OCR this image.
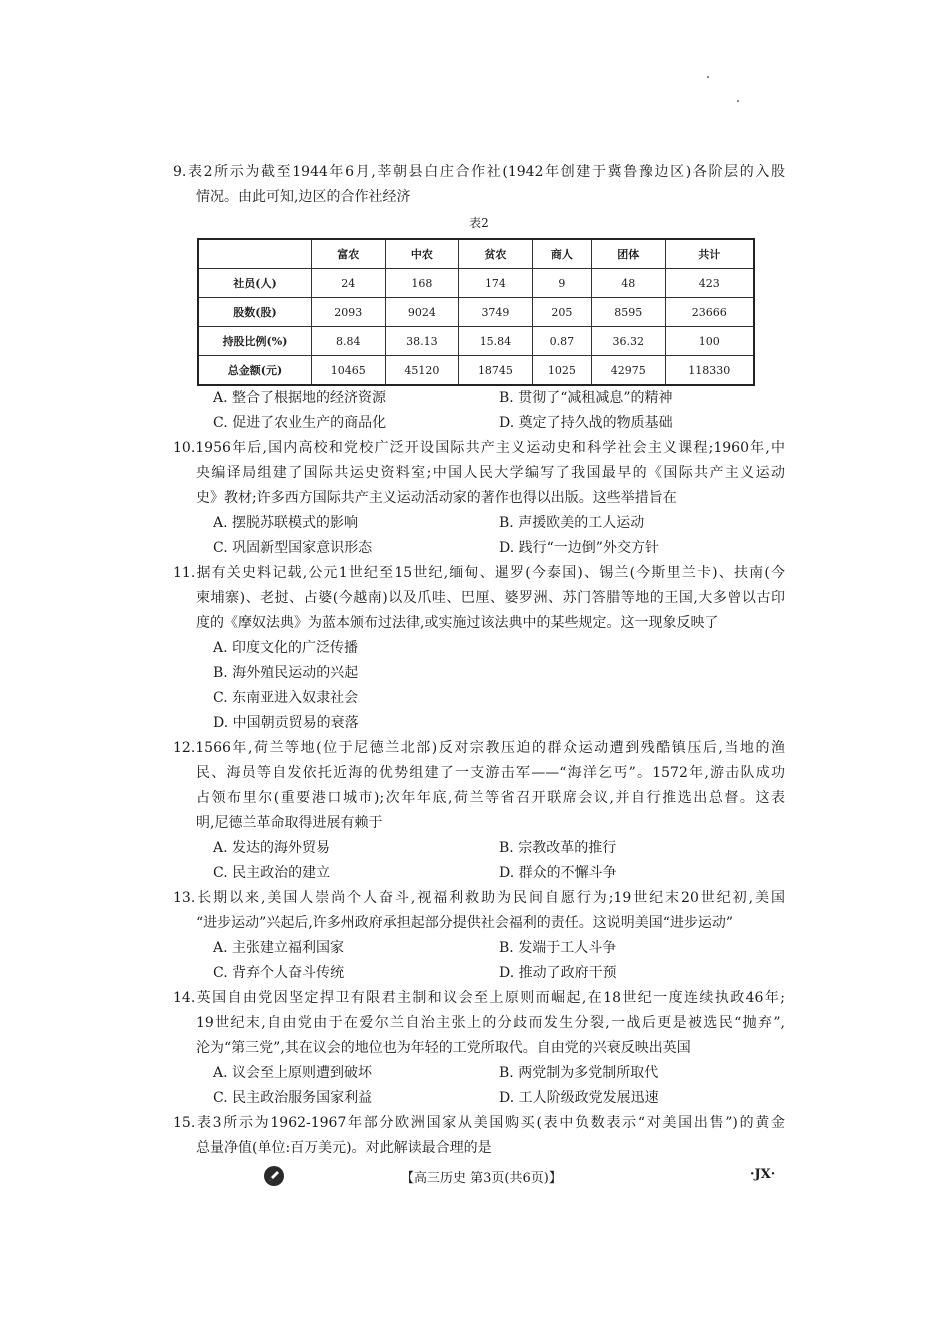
9.表2所示为截至1944年6月,莘朝县白庄合作社(1942年创建于冀鲁豫边区)各阶层的入股
情况。由此可知,边区的合作社经济
表2
	富农	中农	贫农	商人	团体	共计
社员(人)	24	168	174	9	48	423
股数(股)	2093	9024	3749	205	8595	23666
持股比例(%)	8.84	38.13	15.84	0.87	36.32	100
总金额(元)	10465	45120	18745	1025	42975	118330
A. 整合了根据地的经济资源	B. 贯彻了“减租减息”的精神
C. 促进了农业生产的商品化	D. 奠定了持久战的物质基础
10.1956年后,国内高校和党校广泛开设国际共产主义运动史和科学社会主义课程;1960年,中
央编译局组建了国际共运史资料室;中国人民大学编写了我国最早的《国际共产主义运动
史》教材;许多西方国际共产主义运动活动家的著作也得以出版。这些举措旨在
A. 摆脱苏联模式的影响	B. 声援欧美的工人运动
C. 巩固新型国家意识形态	D. 践行“一边倒”外交方针
11.据有关史料记载,公元1世纪至15世纪,缅甸、暹罗(今泰国)、锡兰(今斯里兰卡)、扶南(今
柬埔寨)、老挝、占婆(今越南)以及爪哇、巴厘、婆罗洲、苏门答腊等地的王国,大多曾以古印
度的《摩奴法典》为蓝本颁布过法律,或实施过该法典中的某些规定。这一现象反映了
A. 印度文化的广泛传播
B. 海外殖民运动的兴起
C. 东南亚进入奴隶社会
D. 中国朝贡贸易的衰落
12.1566年,荷兰等地(位于尼德兰北部)反对宗教压迫的群众运动遭到残酷镇压后,当地的渔
民、海员等自发依托近海的优势组建了一支游击军——“海洋乞丐”。1572年,游击队成功
占领布里尔(重要港口城市);次年年底,荷兰等省召开联席会议,并自行推选出总督。这表
明,尼德兰革命取得进展有赖于
A. 发达的海外贸易	B. 宗教改革的推行
C. 民主政治的建立	D. 群众的不懈斗争
13.长期以来,美国人崇尚个人奋斗,视福利救助为民间自愿行为;19世纪末20世纪初,美国
“进步运动”兴起后,许多州政府承担起部分提供社会福利的责任。这说明美国“进步运动”
A. 主张建立福利国家	B. 发端于工人斗争
C. 背弃个人奋斗传统	D. 推动了政府干预
14.英国自由党因坚定捍卫有限君主制和议会至上原则而崛起,在18世纪一度连续执政46年;
19世纪末,自由党由于在爱尔兰自治主张上的分歧而发生分裂,一战后更是被选民“抛弃”,
沦为“第三党”,其在议会的地位也为年轻的工党所取代。自由党的兴衰反映出英国
A. 议会至上原则遭到破坏	B. 两党制为多党制所取代
C. 民主政治服务国家利益	D. 工人阶级政党发展迅速
15.表3所示为1962-1967年部分欧洲国家从美国购买(表中负数表示“对美国出售”)的黄金
总量净值(单位:百万美元)。对此解读最合理的是
【高三历史 第3页(共6页)】	·JX·
